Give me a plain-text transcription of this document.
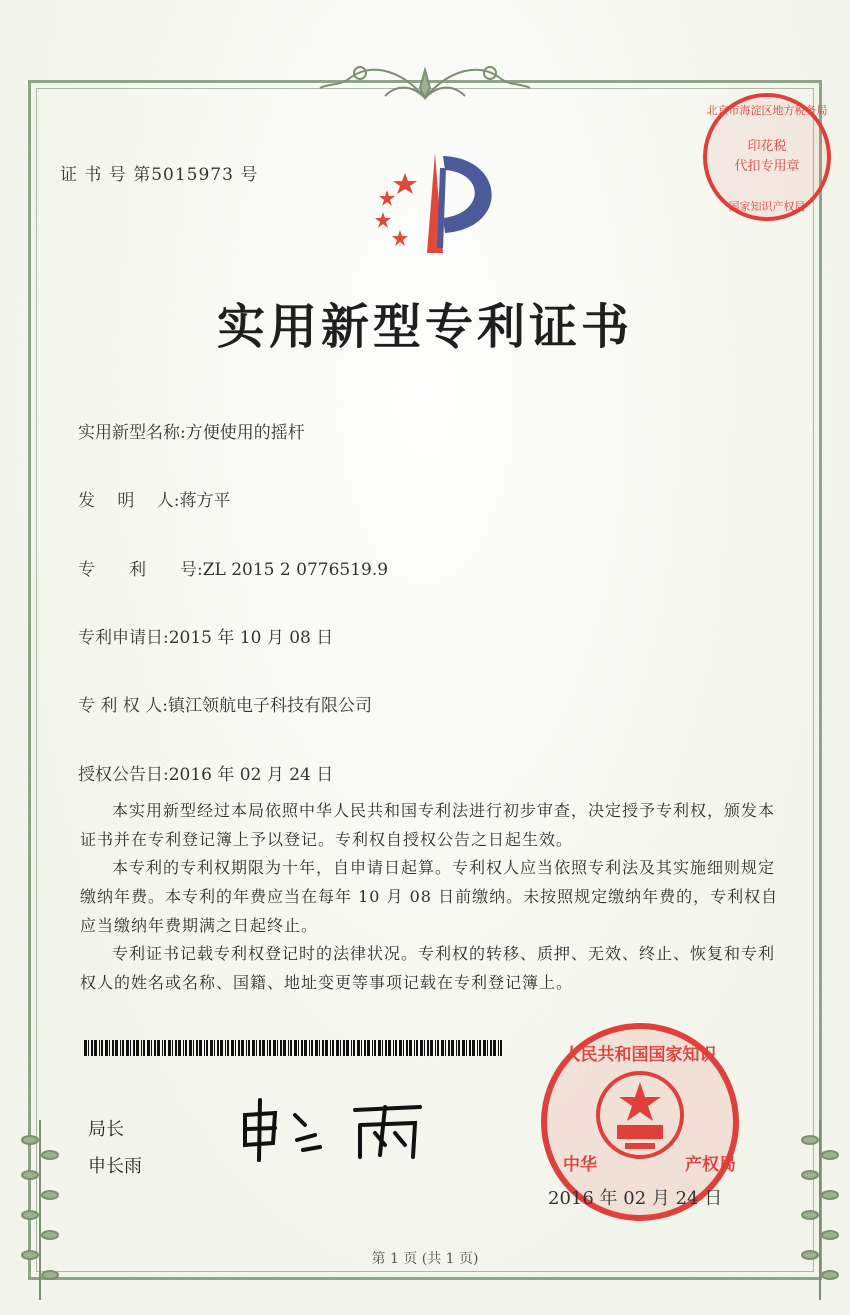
印花税
代扣专用章
北京市海淀区地方税务局
国家知识产权局
证 书 号 第5015973 号
实用新型专利证书
实用新型名称:方便使用的摇杆
发　 明　 人:蒋方平
专　　利　　号:ZL 2015 2 0776519.9
专利申请日:2015 年 10 月 08 日
专 利 权 人:镇江领航电子科技有限公司
授权公告日:2016 年 02 月 24 日
本实用新型经过本局依照中华人民共和国专利法进行初步审查，决定授予专利权，颁发本证书并在专利登记簿上予以登记。专利权自授权公告之日起生效。
本专利的专利权期限为十年，自申请日起算。专利权人应当依照专利法及其实施细则规定缴纳年费。本专利的年费应当在每年 10 月 08 日前缴纳。未按照规定缴纳年费的，专利权自应当缴纳年费期满之日起终止。
专利证书记载专利权登记时的法律状况。专利权的转移、质押、无效、终止、恢复和专利权人的姓名或名称、国籍、地址变更等事项记载在专利登记簿上。
局长
申长雨
人民共和国国家知识
中华	产权局
2016 年 02 月 24 日
第 1 页 (共 1 页)
